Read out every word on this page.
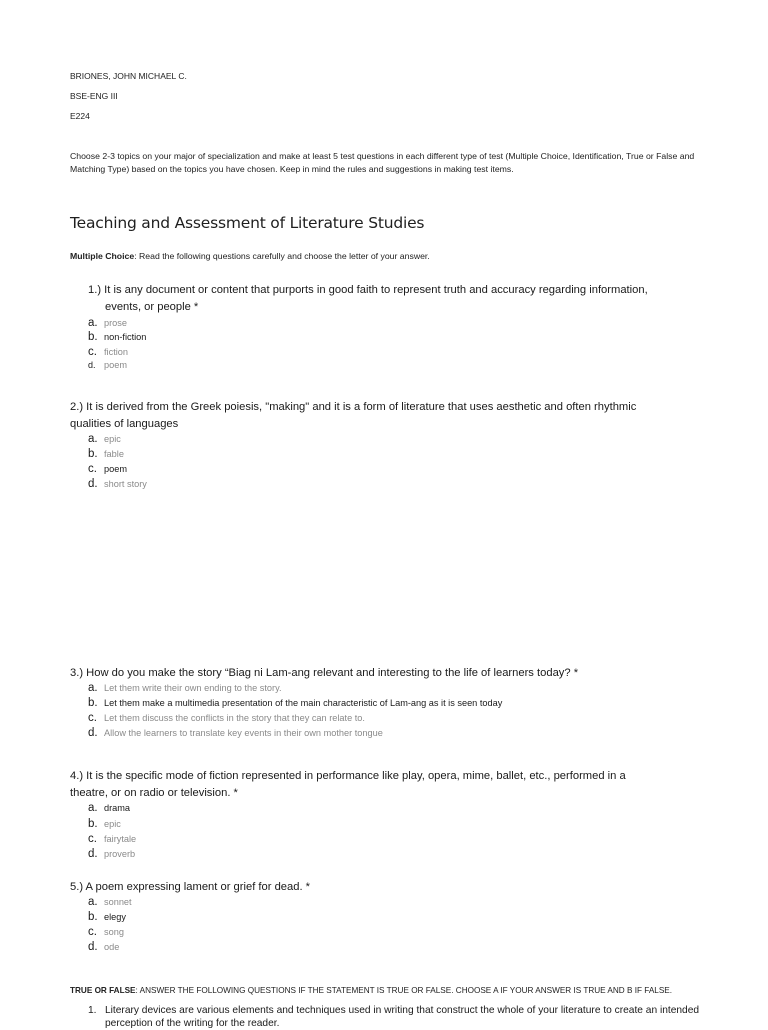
BRIONES, JOHN MICHAEL C.
BSE-ENG III
E224
Choose 2-3 topics on your major of specialization and make at least 5 test questions in each different type of test (Multiple Choice, Identification, True or False and Matching Type) based on the topics you have chosen. Keep in mind the rules and suggestions in making test items.
Teaching and Assessment of Literature Studies
Multiple Choice: Read the following questions carefully and choose the letter of your answer.
1.) It is any document or content that purports in good faith to represent truth and accuracy regarding information,
events, or people *
a. prose
b. non-fiction
c. fiction
d. poem
2.) It is derived from the Greek poiesis, "making" and it is a form of literature that uses aesthetic and often rhythmic
qualities of languages
a. epic
b. fable
c. poem
d. short story
3.) How do you make the story “Biag ni Lam-ang relevant and interesting to the life of learners today? *
a. Let them write their own ending to the story.
b. Let them make a multimedia presentation of the main characteristic of Lam-ang as it is seen today
c. Let them discuss the conflicts in the story that they can relate to.
d. Allow the learners to translate key events in their own mother tongue
4.) It is the specific mode of fiction represented in performance like play, opera, mime, ballet, etc., performed in a
theatre, or on radio or television. *
a. drama
b. epic
c. fairytale
d. proverb
5.) A poem expressing lament or grief for dead. *
a. sonnet
b. elegy
c. song
d. ode
TRUE OR FALSE: ANSWER THE FOLLOWING QUESTIONS IF THE STATEMENT IS TRUE OR FALSE. CHOOSE A IF YOUR ANSWER IS TRUE AND B IF FALSE.
1. Literary devices are various elements and techniques used in writing that construct the whole of your literature to create an intended perception of the writing for the reader.
